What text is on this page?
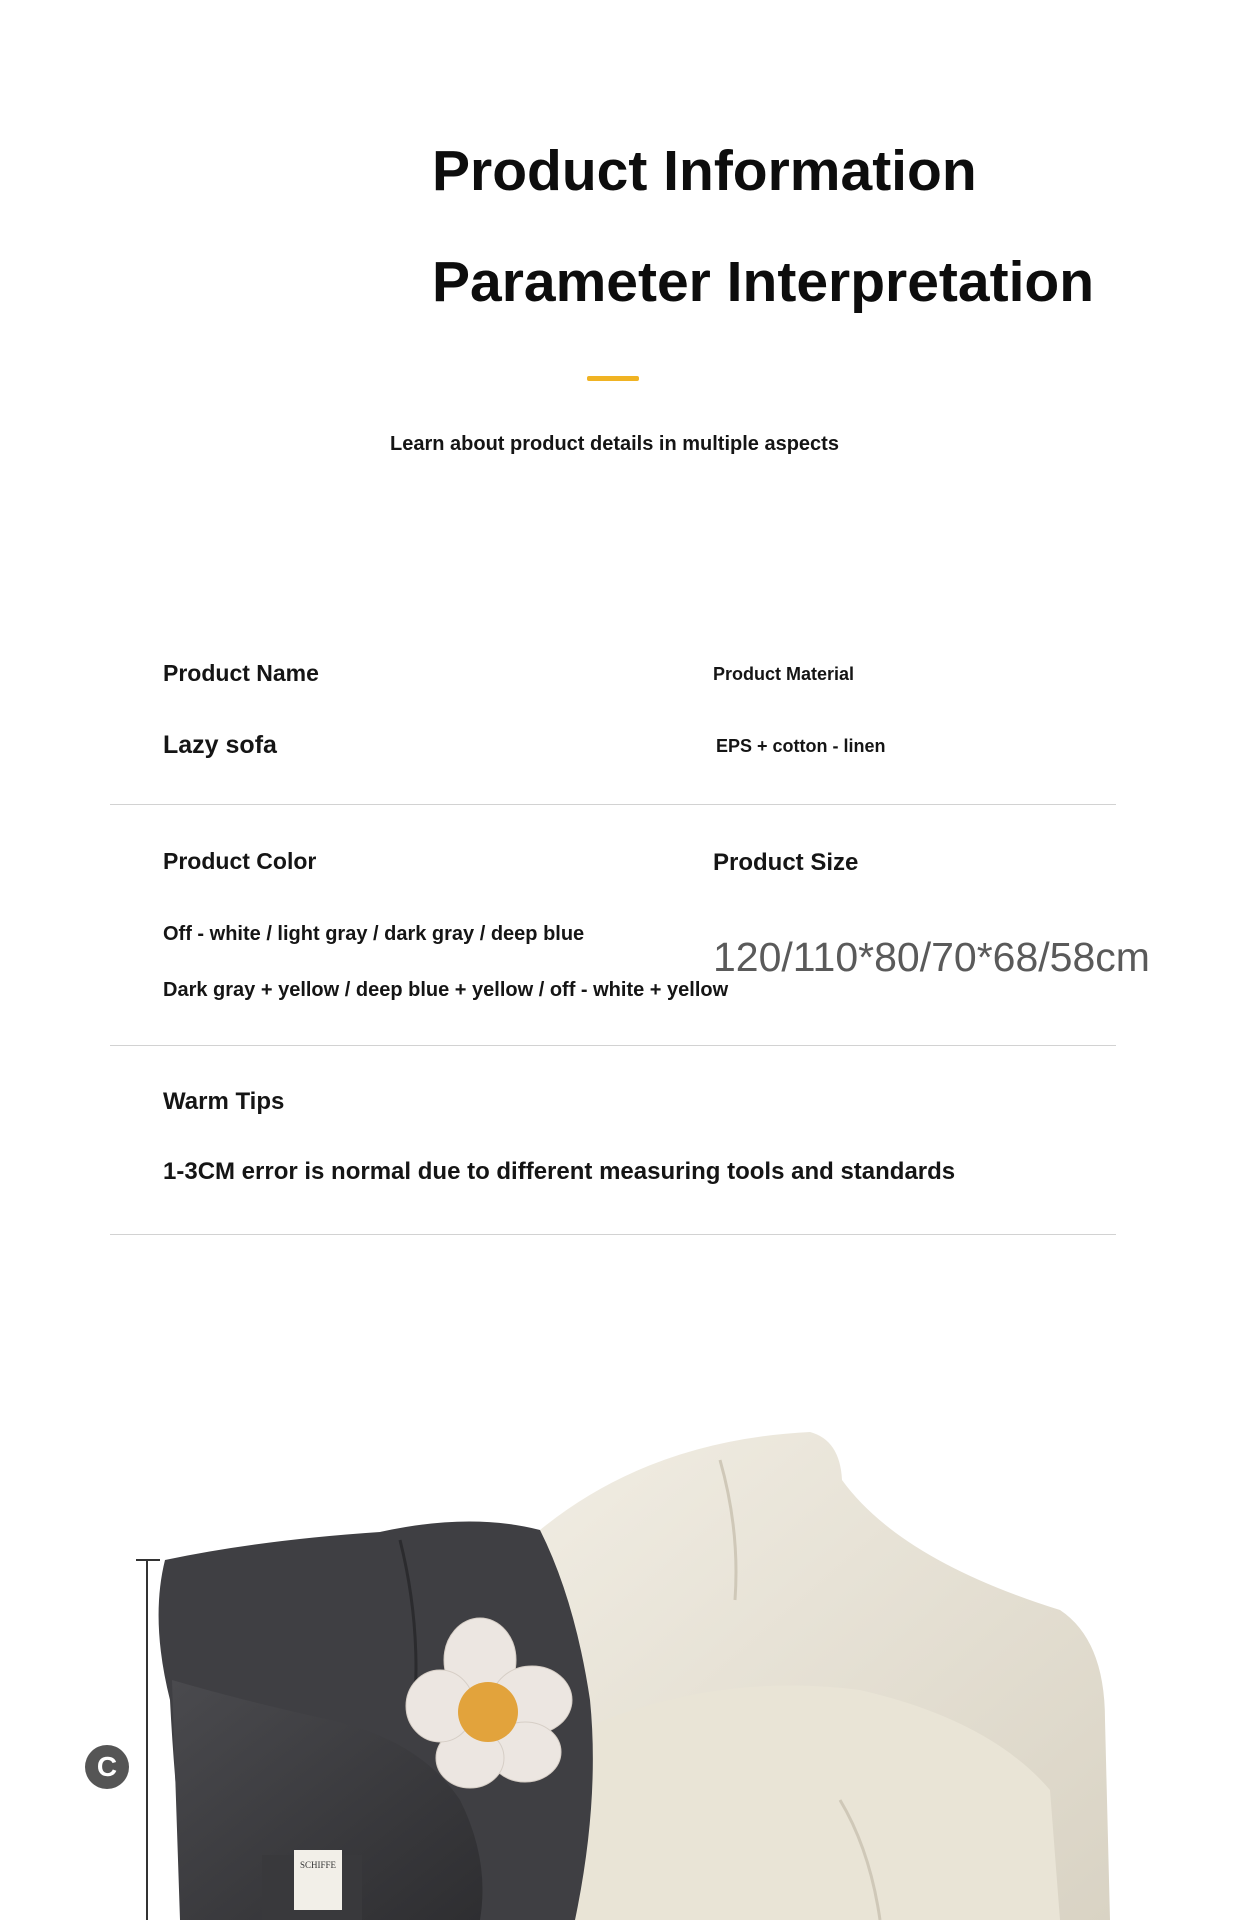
Product Information
Parameter Interpretation
Learn about product details in multiple aspects
Product Name
Lazy sofa
Product Material
EPS + cotton - linen
Product Color	Product Size
Off - white / light gray / dark gray / deep blue
Dark gray + yellow / deep blue + yellow / off - white + yellow
120/110*80/70*68/58cm
Warm Tips
1-3CM error is normal due to different measuring tools and standards
SCHIFFE
C
